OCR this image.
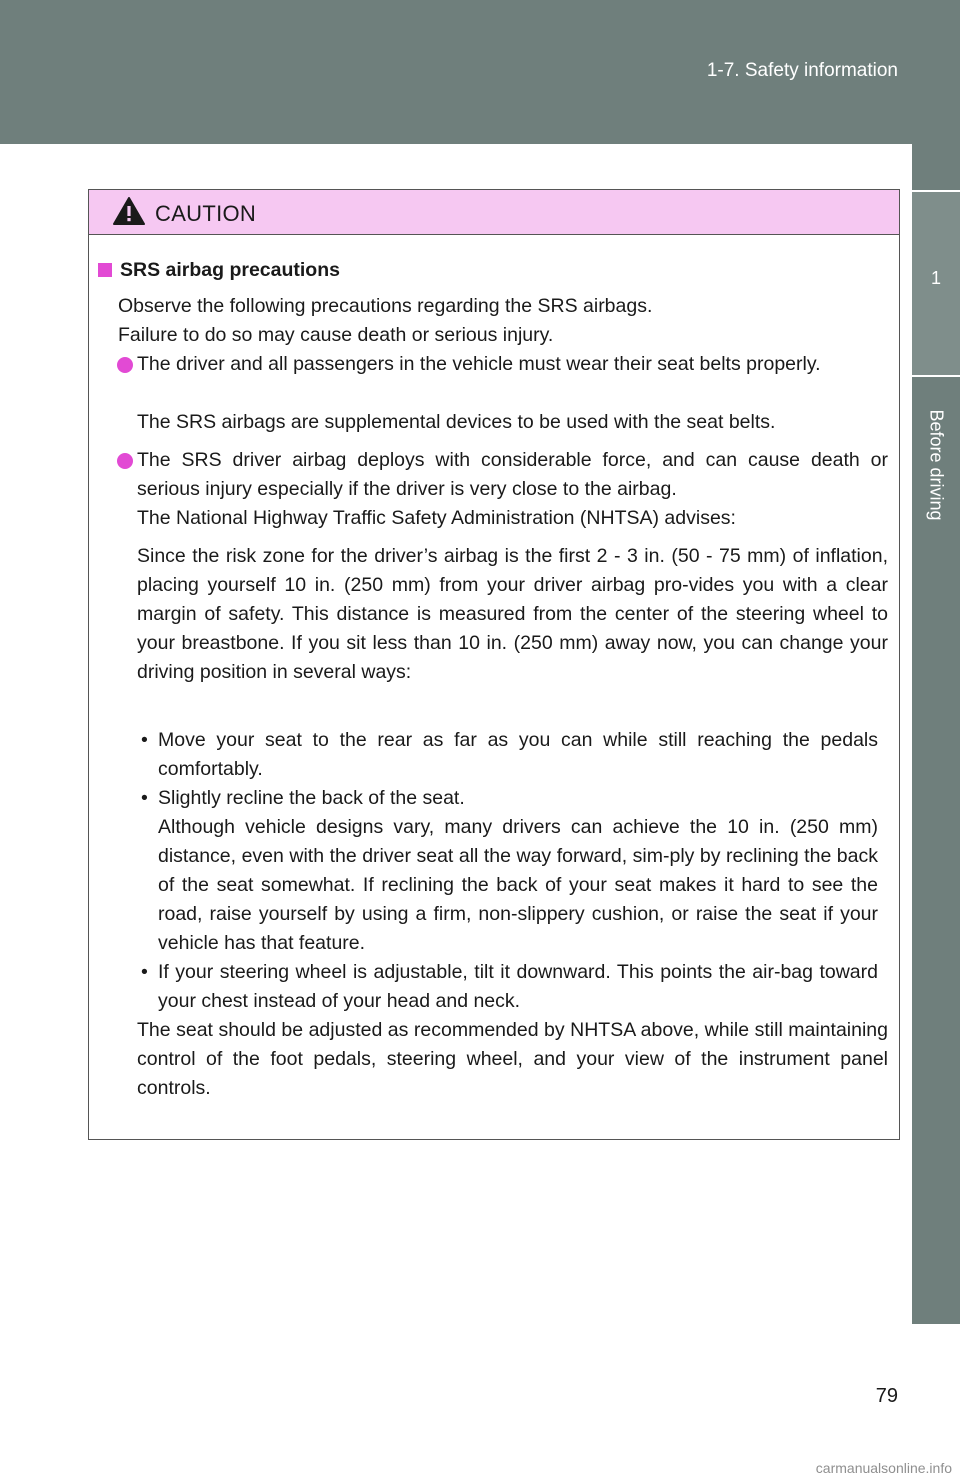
1-7. Safety information
1
Before driving
CAUTION
SRS airbag precautions
Observe the following precautions regarding the SRS airbags.
Failure to do so may cause death or serious injury.
The driver and all passengers in the vehicle must wear their seat belts properly.
The SRS airbags are supplemental devices to be used with the seat belts.
The SRS driver airbag deploys with considerable force, and can cause death or serious injury especially if the driver is very close to the airbag.
The National Highway Traffic Safety Administration (NHTSA) advises:
Since the risk zone for the driver’s airbag is the first 2 - 3 in. (50 - 75 mm) of inflation, placing yourself 10 in. (250 mm) from your driver airbag pro-vides you with a clear margin of safety. This distance is measured from the center of the steering wheel to your breastbone. If you sit less than 10 in. (250 mm) away now, you can change your driving position in several ways:
• Move your seat to the rear as far as you can while still reaching the pedals comfortably.
• Slightly recline the back of the seat.
Although vehicle designs vary, many drivers can achieve the 10 in. (250 mm) distance, even with the driver seat all the way forward, sim-ply by reclining the back of the seat somewhat. If reclining the back of your seat makes it hard to see the road, raise yourself by using a firm, non-slippery cushion, or raise the seat if your vehicle has that feature.
• If your steering wheel is adjustable, tilt it downward. This points the air-bag toward your chest instead of your head and neck.
The seat should be adjusted as recommended by NHTSA above, while still maintaining control of the foot pedals, steering wheel, and your view of the instrument panel controls.
79
carmanualsonline.info
